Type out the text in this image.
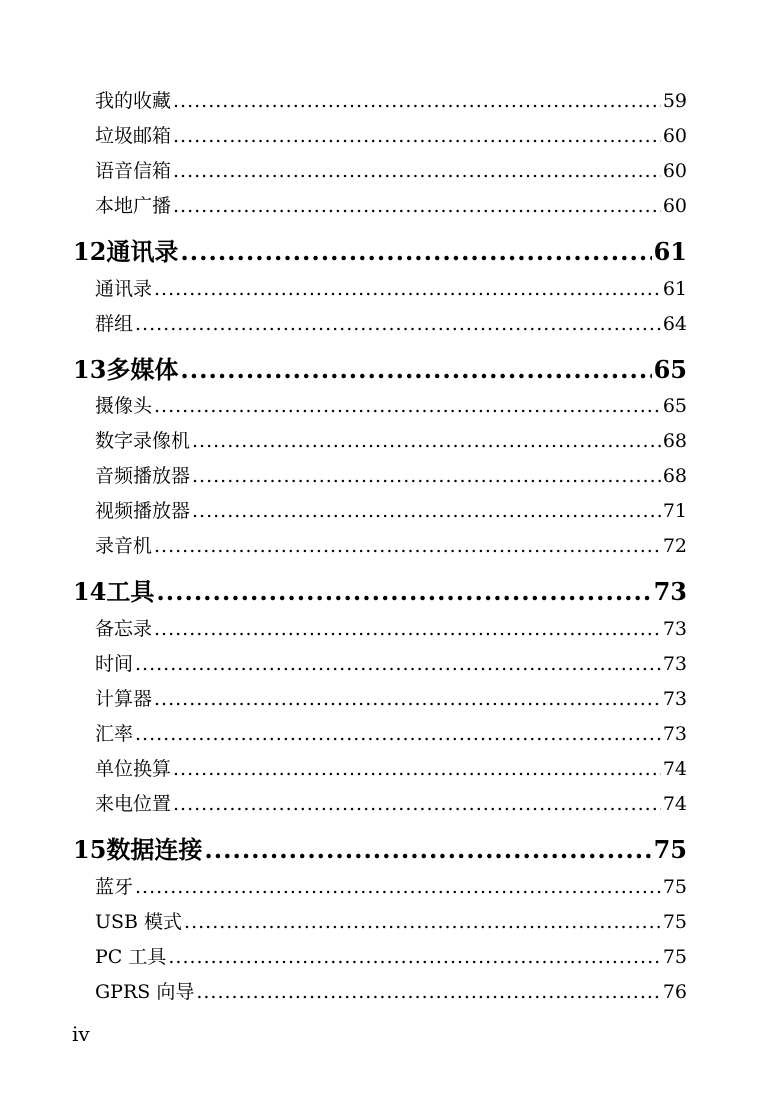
我的收藏 .....	59
垃圾邮箱 .....	60
语音信箱 .....	60
本地广播 .....	60
12 通讯录 .....	61
通讯录 .....	61
群组 .....	64
13 多媒体 .....	65
摄像头 .....	65
数字录像机 .....	68
音频播放器 .....	68
视频播放器 .....	71
录音机 .....	72
14 工具 .....	73
备忘录 .....	73
时间 .....	73
计算器 .....	73
汇率 .....	73
单位换算 .....	74
来电位置 .....	74
15 数据连接 .....	75
蓝牙 .....	75
USB 模式 .....	75
PC 工具 .....	75
GPRS 向导 .....	76
iv
